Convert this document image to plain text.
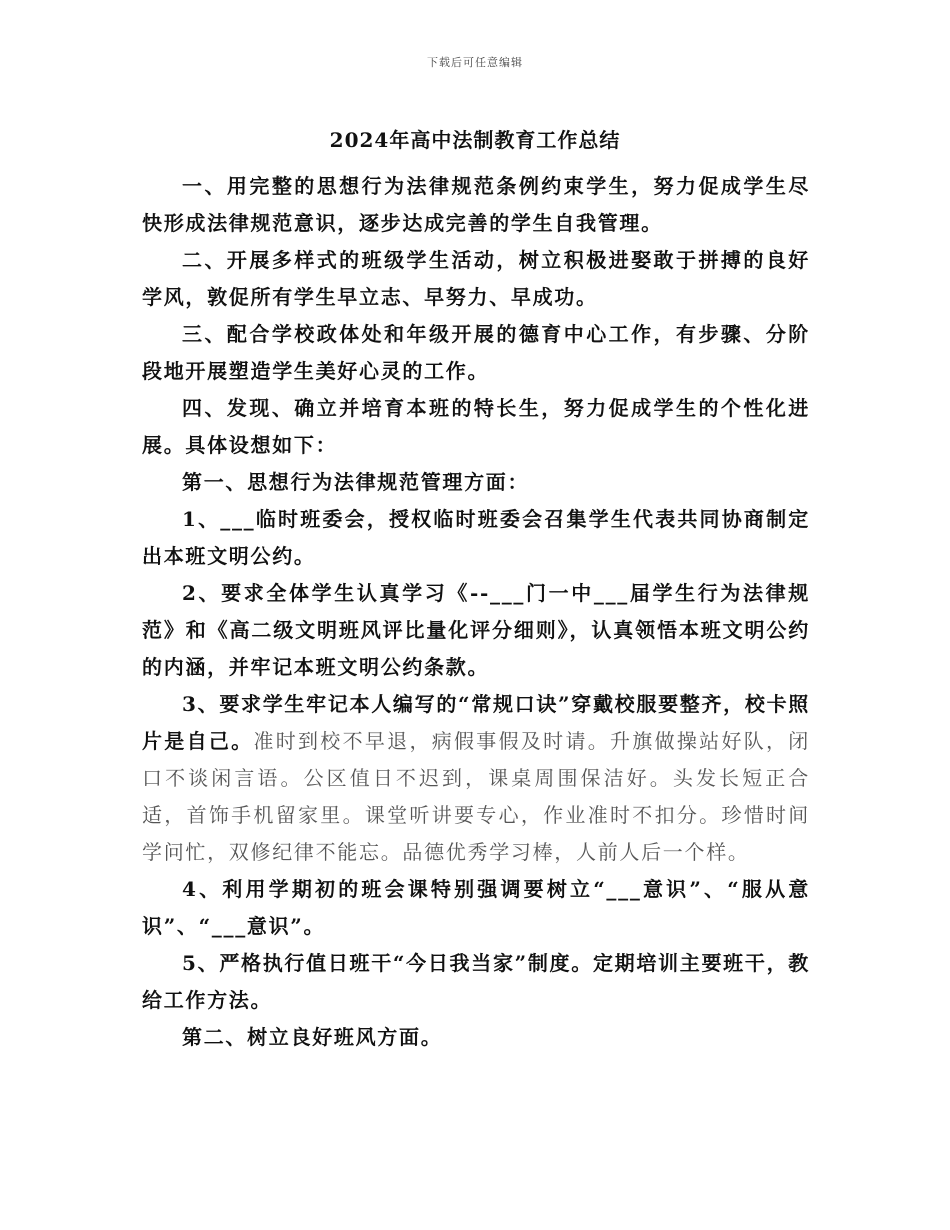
下载后可任意编辑
2024年高中法制教育工作总结

一、用完整的思想行为法律规范条例约束学生，努力促成学生尽快形成法律规范意识，逐步达成完善的学生自我管理。

二、开展多样式的班级学生活动，树立积极进娶敢于拼搏的良好学风，敦促所有学生早立志、早努力、早成功。

三、配合学校政体处和年级开展的德育中心工作，有步骤、分阶段地开展塑造学生美好心灵的工作。

四、发现、确立并培育本班的特长生，努力促成学生的个性化进展。具体设想如下：

第一、思想行为法律规范管理方面：

1、___临时班委会，授权临时班委会召集学生代表共同协商制定出本班文明公约。

2、要求全体学生认真学习《--___门一中___届学生行为法律规范》和《高二级文明班风评比量化评分细则》，认真领悟本班文明公约的内涵，并牢记本班文明公约条款。

3、要求学生牢记本人编写的“常规口诀”穿戴校服要整齐，校卡照片是自己。准时到校不早退，病假事假及时请。升旗做操站好队，闭口不谈闲言语。公区值日不迟到，课桌周围保洁好。头发长短正合适，首饰手机留家里。课堂听讲要专心，作业准时不扣分。珍惜时间学问忙，双修纪律不能忘。品德优秀学习棒，人前人后一个样。

4、利用学期初的班会课特别强调要树立“___意识”、“服从意识”、“___意识”。

5、严格执行值日班干“今日我当家”制度。定期培训主要班干，教给工作方法。

第二、树立良好班风方面。
